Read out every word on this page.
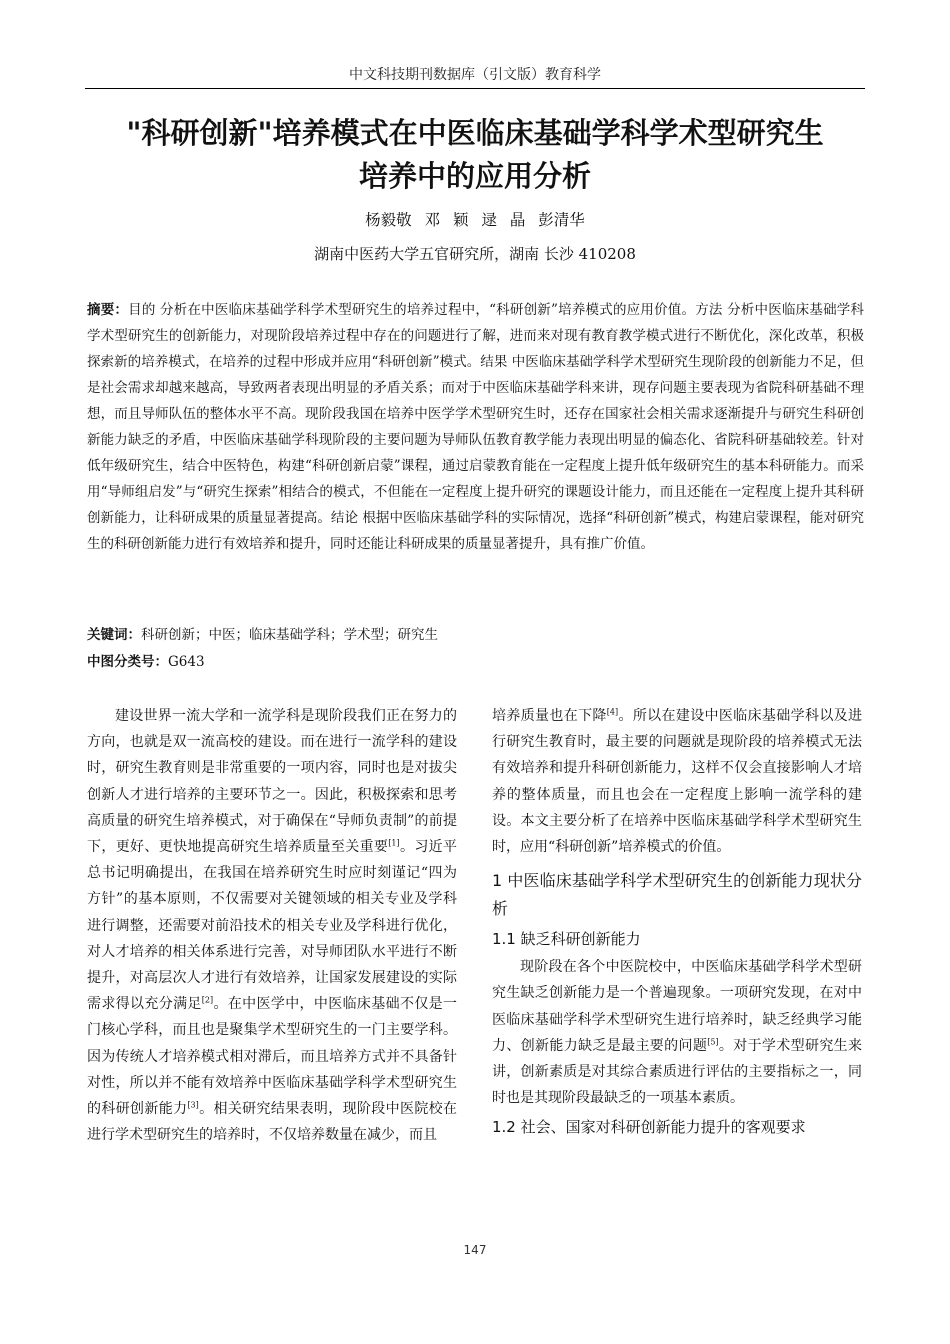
中文科技期刊数据库（引文版）教育科学
"科研创新"培养模式在中医临床基础学科学术型研究生
培养中的应用分析
杨毅敬 邓 颖 逯 晶 彭清华
湖南中医药大学五官研究所，湖南 长沙 410208
摘要：目的 分析在中医临床基础学科学术型研究生的培养过程中，“科研创新”培养模式的应用价值。方法 分析中医临床基础学科学术型研究生的创新能力，对现阶段培养过程中存在的问题进行了解，进而来对现有教育教学模式进行不断优化，深化改革，积极探索新的培养模式，在培养的过程中形成并应用“科研创新”模式。结果 中医临床基础学科学术型研究生现阶段的创新能力不足，但是社会需求却越来越高，导致两者表现出明显的矛盾关系；而对于中医临床基础学科来讲，现存问题主要表现为省院科研基础不理想，而且导师队伍的整体水平不高。现阶段我国在培养中医学学术型研究生时，还存在国家社会相关需求逐渐提升与研究生科研创新能力缺乏的矛盾，中医临床基础学科现阶段的主要问题为导师队伍教育教学能力表现出明显的偏态化、省院科研基础较差。针对低年级研究生，结合中医特色，构建“科研创新启蒙”课程，通过启蒙教育能在一定程度上提升低年级研究生的基本科研能力。而采用“导师组启发”与“研究生探索”相结合的模式，不但能在一定程度上提升研究的课题设计能力，而且还能在一定程度上提升其科研创新能力，让科研成果的质量显著提高。结论 根据中医临床基础学科的实际情况，选择“科研创新”模式，构建启蒙课程，能对研究生的科研创新能力进行有效培养和提升，同时还能让科研成果的质量显著提升，具有推广价值。
关键词：科研创新；中医；临床基础学科；学术型；研究生
中图分类号：G643

建设世界一流大学和一流学科是现阶段我们正在努力的方向，也就是双一流高校的建设。而在进行一流学科的建设时，研究生教育则是非常重要的一项内容，同时也是对拔尖创新人才进行培养的主要环节之一。因此，积极探索和思考高质量的研究生培养模式，对于确保在“导师负责制”的前提下，更好、更快地提高研究生培养质量至关重要[1]。习近平总书记明确提出，在我国在培养研究生时应时刻谨记“四为方针”的基本原则，不仅需要对关键领域的相关专业及学科进行调整，还需要对前沿技术的相关专业及学科进行优化，对人才培养的相关体系进行完善，对导师团队水平进行不断提升，对高层次人才进行有效培养，让国家发展建设的实际需求得以充分满足[2]。在中医学中，中医临床基础不仅是一门核心学科，而且也是聚集学术型研究生的一门主要学科。因为传统人才培养模式相对滞后，而且培养方式并不具备针对性，所以并不能有效培养中医临床基础学科学术型研究生的科研创新能力[3]。相关研究结果表明，现阶段中医院校在进行学术型研究生的培养时，不仅培养数量在减少，而且

培养质量也在下降[4]。所以在建设中医临床基础学科以及进行研究生教育时，最主要的问题就是现阶段的培养模式无法有效培养和提升科研创新能力，这样不仅会直接影响人才培养的整体质量，而且也会在一定程度上影响一流学科的建设。本文主要分析了在培养中医临床基础学科学术型研究生时，应用“科研创新”培养模式的价值。

1 中医临床基础学科学术型研究生的创新能力现状分析
1.1 缺乏科研创新能力

现阶段在各个中医院校中，中医临床基础学科学术型研究生缺乏创新能力是一个普遍现象。一项研究发现，在对中医临床基础学科学术型研究生进行培养时，缺乏经典学习能力、创新能力缺乏是最主要的问题[5]。对于学术型研究生来讲，创新素质是对其综合素质进行评估的主要指标之一，同时也是其现阶段最缺乏的一项基本素质。

1.2 社会、国家对科研创新能力提升的客观要求
147
